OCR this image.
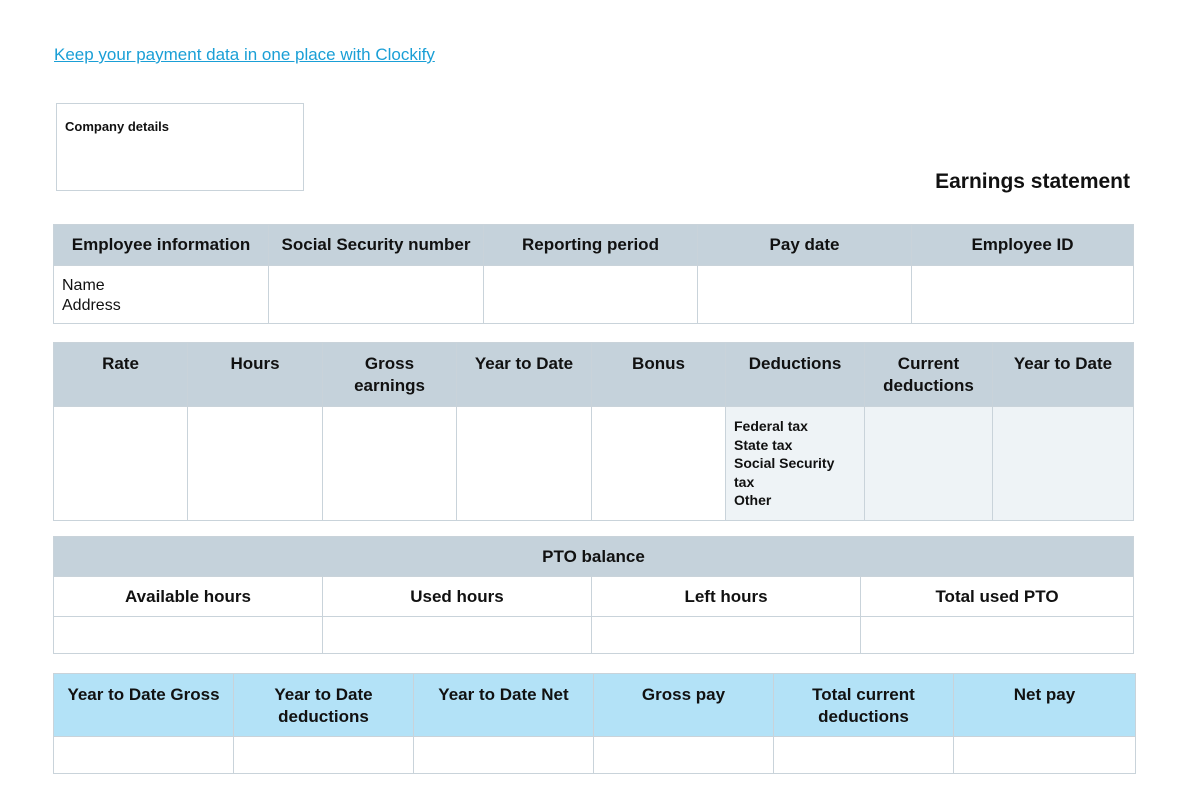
Keep your payment data in one place with Clockify
Company details
Earnings statement
Employee information	Social Security number	Reporting period	Pay date	Employee ID

Name
Address				

Rate	Hours	Gross earnings	Year to Date	Bonus	Deductions	Current deductions	Year to Date

					Federal tax
State tax
Social Security tax
Other		

PTO balance			
Available hours	Used hours	Left hours	Total used PTO

Year to Date Gross	Year to Date deductions	Year to Date Net	Gross pay	Total current deductions	Net pay
